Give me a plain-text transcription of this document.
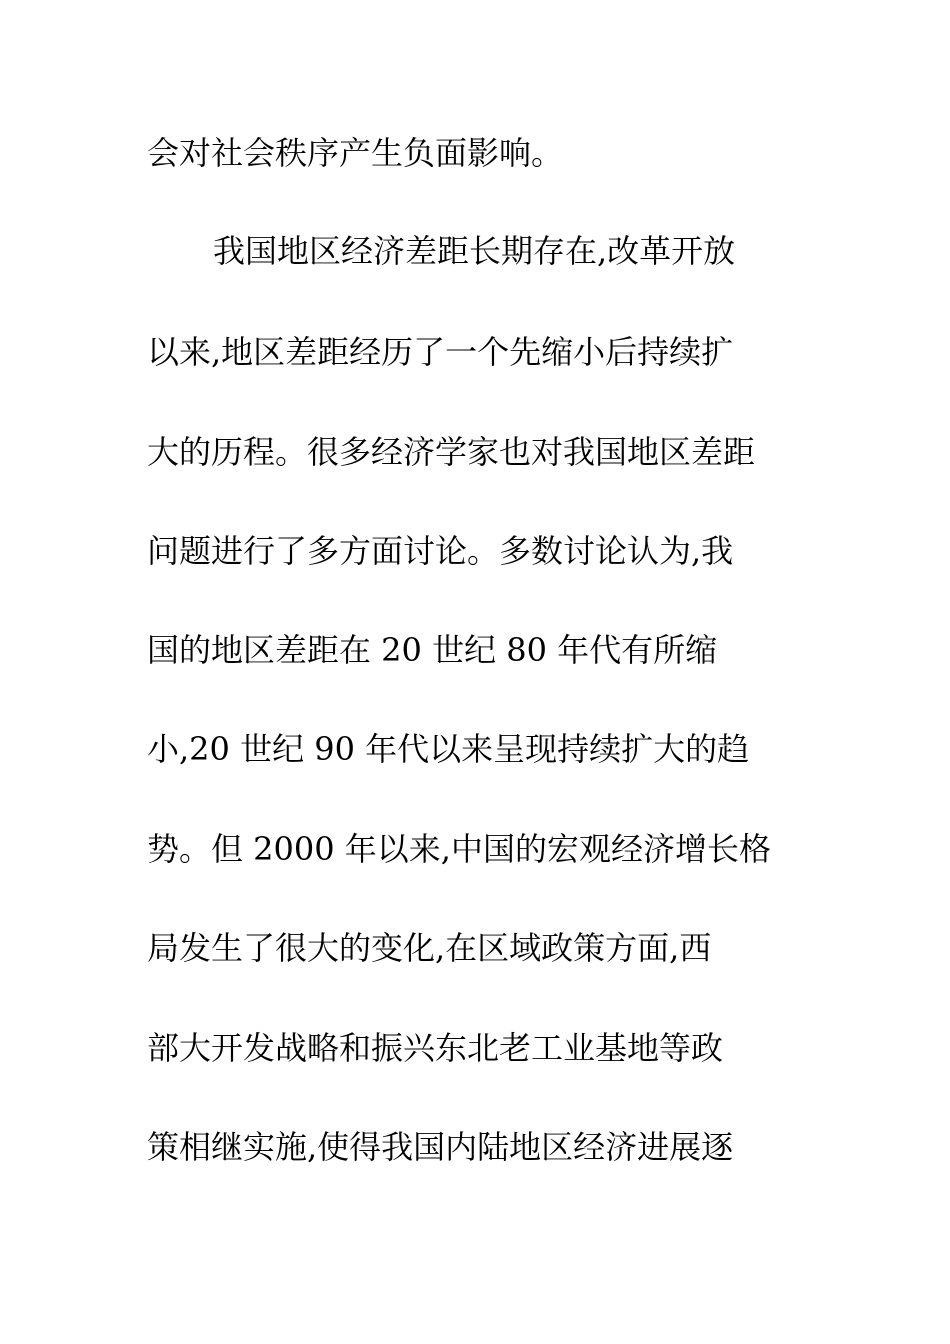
会对社会秩序产生负面影响。
我国地区经济差距长期存在,改革开放
以来,地区差距经历了一个先缩小后持续扩
大的历程。很多经济学家也对我国地区差距
问题进行了多方面讨论。多数讨论认为,我
国的地区差距在 20 世纪 80 年代有所缩
小,20 世纪 90 年代以来呈现持续扩大的趋
势。但 2000 年以来,中国的宏观经济增长格
局发生了很大的变化,在区域政策方面,西
部大开发战略和振兴东北老工业基地等政
策相继实施,使得我国内陆地区经济进展逐
